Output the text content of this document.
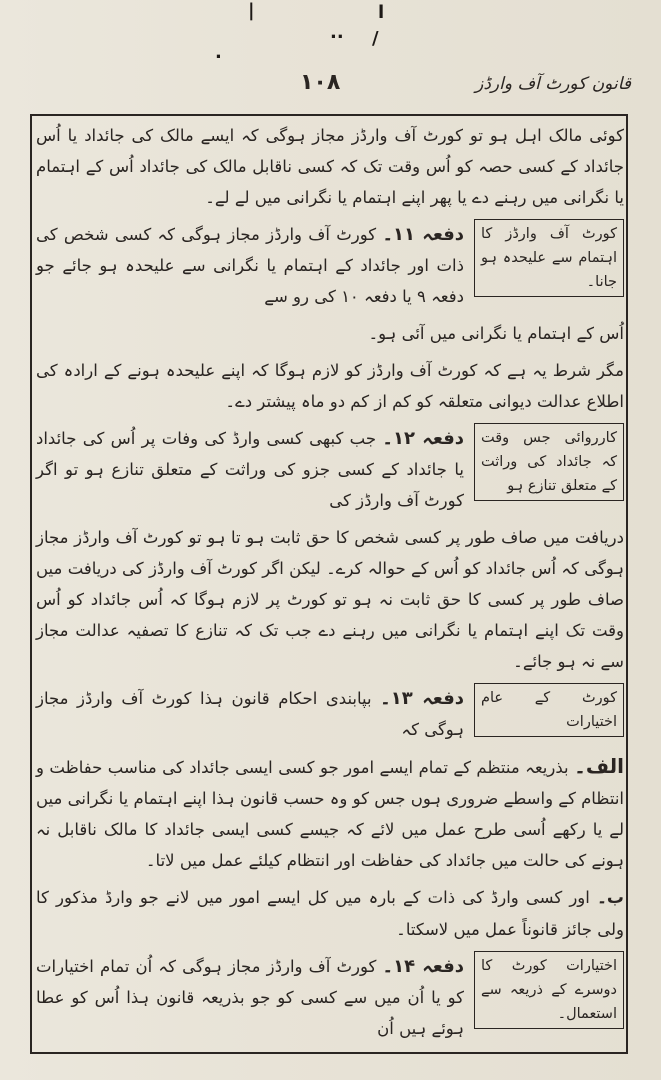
|
.
.. /
l
قانون کورٹ آف وارڈز
۱۰۸

کوئی مالک اہل ہو تو کورٹ آف وارڈز مجاز ہوگی کہ ایسے مالک کی جائداد یا اُس جائداد کے کسی حصہ کو اُس وقت تک کہ کسی ناقابل مالک کی جائداد اُس کے اہتمام یا نگرانی میں رہنے دے یا پھر اپنے اہتمام یا نگرانی میں لے لے۔

کورٹ آف وارڈز کا اہتمام سے علیحدہ ہو جانا۔
دفعہ ۱۱۔ کورٹ آف وارڈز مجاز ہوگی کہ کسی شخص کی ذات اور جائداد کے اہتمام یا نگرانی سے علیحدہ ہو جائے جو دفعہ ۹ یا دفعہ ۱۰ کی رو سے

اُس کے اہتمام یا نگرانی میں آئی ہو۔

مگر شرط یہ ہے کہ کورٹ آف وارڈز کو لازم ہوگا کہ اپنے علیحدہ ہونے کے ارادہ کی اطلاع عدالت دیوانی متعلقہ کو کم از کم دو ماہ پیشتر دے۔

کارروائی جس وقت کہ جائداد کی وراثت کے متعلق تنازع ہو
دفعہ ۱۲۔ جب کبھی کسی وارڈ کی وفات پر اُس کی جائداد یا جائداد کے کسی جزو کی وراثت کے متعلق تنازع ہو تو اگر کورٹ آف وارڈز کی

دریافت میں صاف طور پر کسی شخص کا حق ثابت ہو تا ہو تو کورٹ آف وارڈز مجاز ہوگی کہ اُس جائداد کو اُس کے حوالہ کرے۔ لیکن اگر کورٹ آف وارڈز کی دریافت میں صاف طور پر کسی کا حق ثابت نہ ہو تو کورٹ پر لازم ہوگا کہ اُس جائداد کو اُس وقت تک اپنے اہتمام یا نگرانی میں رہنے دے جب تک کہ تنازع کا تصفیہ عدالت مجاز سے نہ ہو جائے۔

کورٹ کے عام اختیارات
دفعہ ۱۳۔ بپابندی احکام قانون ہذا کورٹ آف وارڈز مجاز ہوگی کہ

الف۔ بذریعہ منتظم کے تمام ایسے امور جو کسی ایسی جائداد کی مناسب حفاظت و انتظام کے واسطے ضروری ہوں جس کو وہ حسب قانون ہذا اپنے اہتمام یا نگرانی میں لے یا رکھے اُسی طرح عمل میں لائے کہ جیسے کسی ایسی جائداد کا مالک ناقابل نہ ہونے کی حالت میں جائداد کی حفاظت اور انتظام کیلئے عمل میں لاتا۔

ب۔ اور کسی وارڈ کی ذات کے بارہ میں کل ایسے امور میں لانے جو وارڈ مذکور کا ولی جائز قانوناً عمل میں لاسکتا۔

اختیارات کورٹ کا دوسرے کے ذریعہ سے استعمال۔
دفعہ ۱۴۔ کورٹ آف وارڈز مجاز ہوگی کہ اُن تمام اختیارات کو یا اُن میں سے کسی کو جو بذریعہ قانون ہذا اُس کو عطا ہوئے ہیں اُن
